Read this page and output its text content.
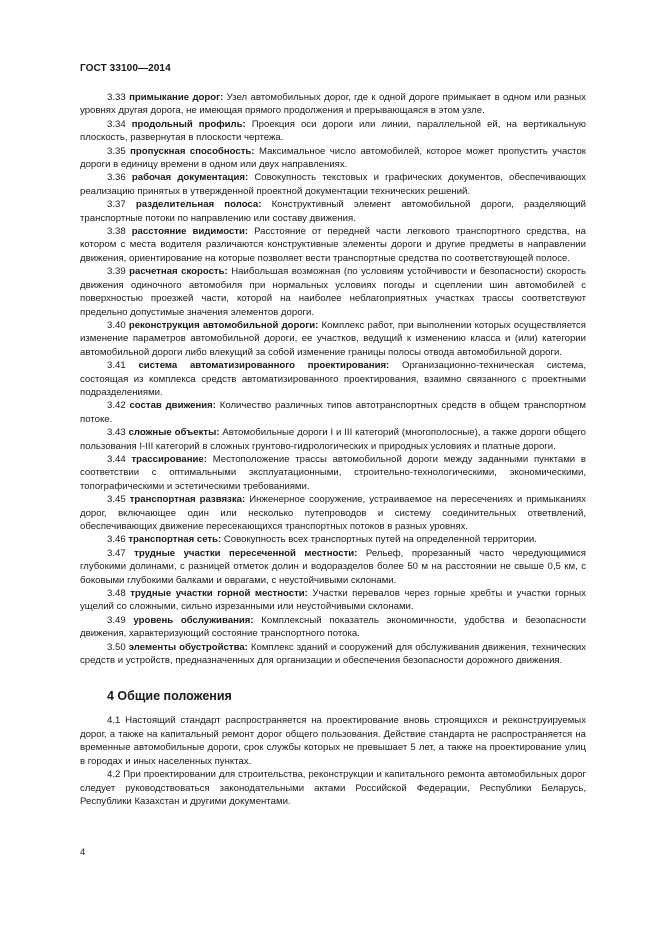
ГОСТ 33100—2014

3.33 примыкание дорог: Узел автомобильных дорог, где к одной дороге примыкает в одном или разных уровнях другая дорога, не имеющая прямого продолжения и прерывающаяся в этом узле.

3.34 продольный профиль: Проекция оси дороги или линии, параллельной ей, на вертикальную плоскость, развернутая в плоскости чертежа.

3.35 пропускная способность: Максимальное число автомобилей, которое может пропустить участок дороги в единицу времени в одном или двух направлениях.

3.36 рабочая документация: Совокупность текстовых и графических документов, обеспечивающих реализацию принятых в утвержденной проектной документации технических решений.

3.37 разделительная полоса: Конструктивный элемент автомобильной дороги, разделяющий транспортные потоки по направлению или составу движения.

3.38 расстояние видимости: Расстояние от передней части легкового транспортного средства, на котором с места водителя различаются конструктивные элементы дороги и другие предметы в направлении движения, ориентирование на которые позволяет вести транспортные средства по соответствующей полосе.

3.39 расчетная скорость: Наибольшая возможная (по условиям устойчивости и безопасности) скорость движения одиночного автомобиля при нормальных условиях погоды и сцеплении шин автомобилей с поверхностью проезжей части, которой на наиболее неблагоприятных участках трассы соответствуют предельно допустимые значения элементов дороги.

3.40 реконструкция автомобильной дороги: Комплекс работ, при выполнении которых осуществляется изменение параметров автомобильной дороги, ее участков, ведущий к изменению класса и (или) категории автомобильной дороги либо влекущий за собой изменение границы полосы отвода автомобильной дороги.

3.41 система автоматизированного проектирования: Организационно-техническая система, состоящая из комплекса средств автоматизированного проектирования, взаимно связанного с проектными подразделениями.

3.42 состав движения: Количество различных типов автотранспортных средств в общем транспортном потоке.

3.43 сложные объекты: Автомобильные дороги I и III категорий (многополосные), а также дороги общего пользования I-III категорий в сложных грунтово-гидрологических и природных условиях и платные дороги.

3.44 трассирование: Местоположение трассы автомобильной дороги между заданными пунктами в соответствии с оптимальными эксплуатационными, строительно-технологическими, экономическими, топографическими и эстетическими требованиями.

3.45 транспортная развязка: Инженерное сооружение, устраиваемое на пересечениях и примыканиях дорог, включающее один или несколько путепроводов и систему соединительных ответвлений, обеспечивающих движение пересекающихся транспортных потоков в разных уровнях.

3.46 транспортная сеть: Совокупность всех транспортных путей на определенной территории.

3.47 трудные участки пересеченной местности: Рельеф, прорезанный часто чередующимися глубокими долинами, с разницей отметок долин и водоразделов более 50 м на расстоянии не свыше 0,5 км, с боковыми глубокими балками и оврагами, с неустойчивыми склонами.

3.48 трудные участки горной местности: Участки перевалов через горные хребты и участки горных ущелий со сложными, сильно изрезанными или неустойчивыми склонами.

3.49 уровень обслуживания: Комплексный показатель экономичности, удобства и безопасности движения, характеризующий состояние транспортного потока.

3.50 элементы обустройства: Комплекс зданий и сооружений для обслуживания движения, технических средств и устройств, предназначенных для организации и обеспечения безопасности дорожного движения.

4 Общие положения

4.1 Настоящий стандарт распространяется на проектирование вновь строящихся и реконструируемых дорог, а также на капитальный ремонт дорог общего пользования. Действие стандарта не распространяется на временные автомобильные дороги, срок службы которых не превышает 5 лет, а также на проектирование улиц в городах и иных населенных пунктах.

4.2 При проектировании для строительства, реконструкции и капитального ремонта автомобильных дорог следует руководствоваться законодательными актами Российской Федерации, Республики Беларусь, Республики Казахстан и другими документами.

4
